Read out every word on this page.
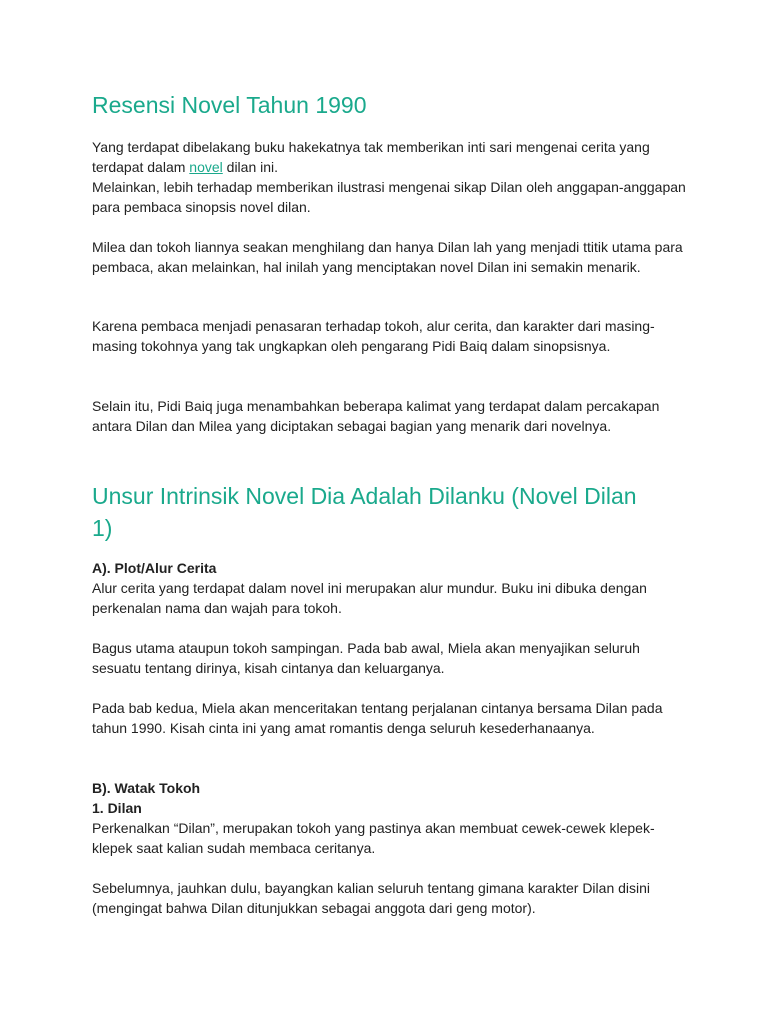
Resensi Novel Tahun 1990

Yang terdapat dibelakang buku hakekatnya tak memberikan inti sari mengenai cerita yang terdapat dalam novel dilan ini.

Melainkan, lebih terhadap memberikan ilustrasi mengenai sikap Dilan oleh anggapan-anggapan para pembaca sinopsis novel dilan.

Milea dan tokoh liannya seakan menghilang dan hanya Dilan lah yang menjadi ttitik utama para pembaca, akan melainkan, hal inilah yang menciptakan novel Dilan ini semakin menarik.
Karena pembaca menjadi penasaran terhadap tokoh, alur cerita, dan karakter dari masing-masing tokohnya yang tak ungkapkan oleh pengarang Pidi Baiq dalam sinopsisnya.
Selain itu, Pidi Baiq juga menambahkan beberapa kalimat yang terdapat dalam percakapan antara Dilan dan Milea yang diciptakan sebagai bagian yang menarik dari novelnya.
Unsur Intrinsik Novel Dia Adalah Dilanku (Novel Dilan 1)

A). Plot/Alur Cerita

Alur cerita yang terdapat dalam novel ini merupakan alur mundur. Buku ini dibuka dengan perkenalan nama dan wajah para tokoh.

Bagus utama ataupun tokoh sampingan. Pada bab awal, Miela akan menyajikan seluruh sesuatu tentang dirinya, kisah cintanya dan keluarganya.
Pada bab kedua, Miela akan menceritakan tentang perjalanan cintanya bersama Dilan pada tahun 1990. Kisah cinta ini yang amat romantis denga seluruh kesederhanaanya.

B). Watak Tokoh

1. Dilan

Perkenalkan “Dilan”, merupakan tokoh yang pastinya akan membuat cewek-cewek klepek-klepek saat kalian sudah membaca ceritanya.

Sebelumnya, jauhkan dulu, bayangkan kalian seluruh tentang gimana karakter Dilan disini (mengingat bahwa Dilan ditunjukkan sebagai anggota dari geng motor).
